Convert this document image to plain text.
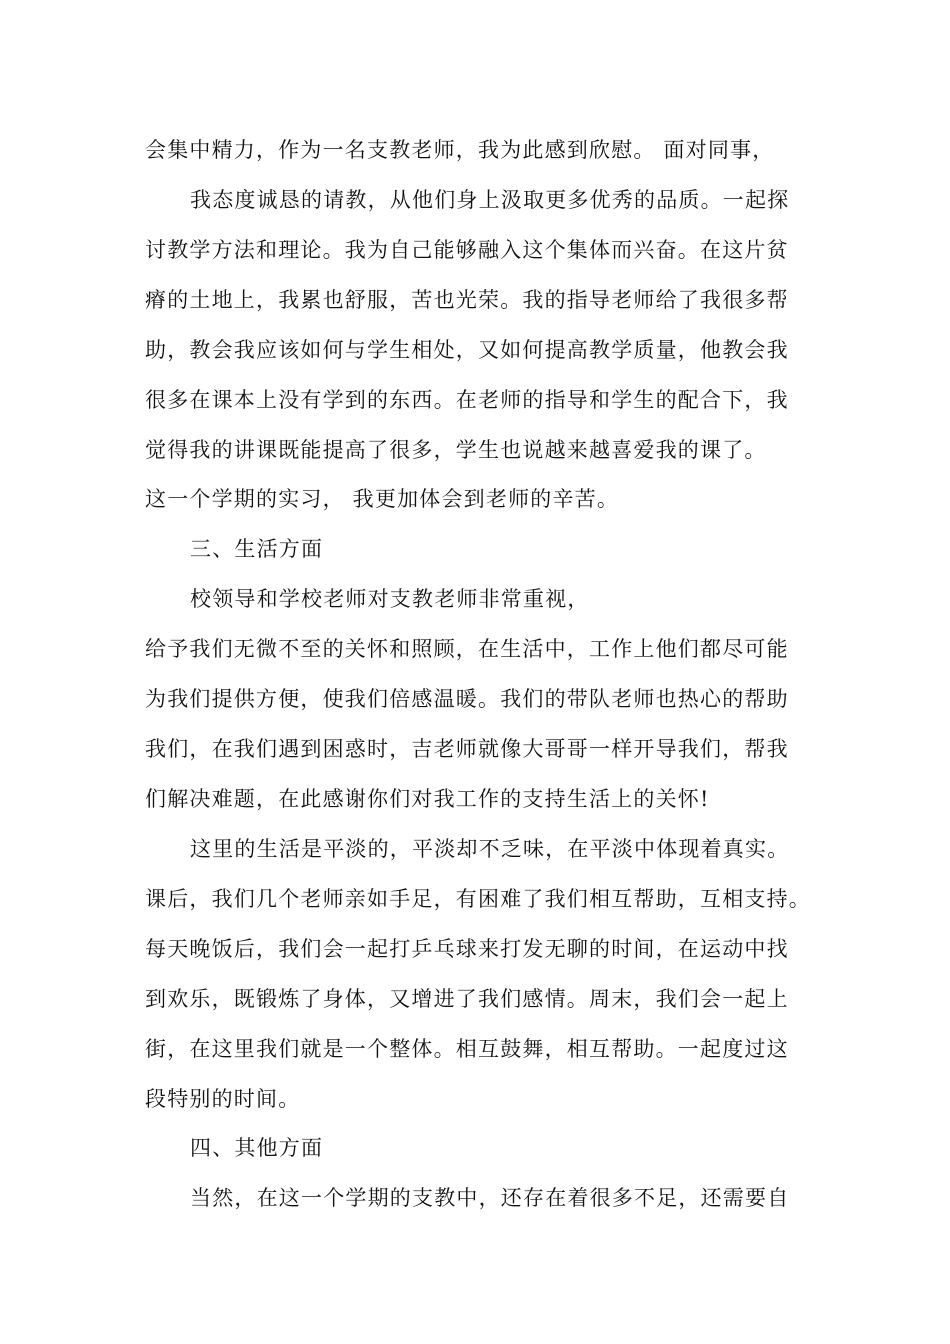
会集中精力，作为一名支教老师，我为此感到欣慰。 面对同事，
我态度诚恳的请教，从他们身上汲取更多优秀的品质。一起探
讨教学方法和理论。我为自己能够融入这个集体而兴奋。在这片贫
瘠的土地上，我累也舒服，苦也光荣。我的指导老师给了我很多帮
助，教会我应该如何与学生相处，又如何提高教学质量，他教会我
很多在课本上没有学到的东西。在老师的指导和学生的配合下，我
觉得我的讲课既能提高了很多，学生也说越来越喜爱我的课了。
这一个学期的实习， 我更加体会到老师的辛苦。
三、生活方面
校领导和学校老师对支教老师非常重视，
给予我们无微不至的关怀和照顾，在生活中，工作上他们都尽可能
为我们提供方便，使我们倍感温暖。我们的带队老师也热心的帮助
我们，在我们遇到困惑时，吉老师就像大哥哥一样开导我们，帮我
们解决难题，在此感谢你们对我工作的支持生活上的关怀!
这里的生活是平淡的，平淡却不乏味，在平淡中体现着真实。
课后，我们几个老师亲如手足，有困难了我们相互帮助，互相支持。
每天晚饭后，我们会一起打乒乓球来打发无聊的时间，在运动中找
到欢乐，既锻炼了身体，又增进了我们感情。周末，我们会一起上
街，在这里我们就是一个整体。相互鼓舞，相互帮助。一起度过这
段特别的时间。
四、其他方面
当然，在这一个学期的支教中，还存在着很多不足，还需要自
